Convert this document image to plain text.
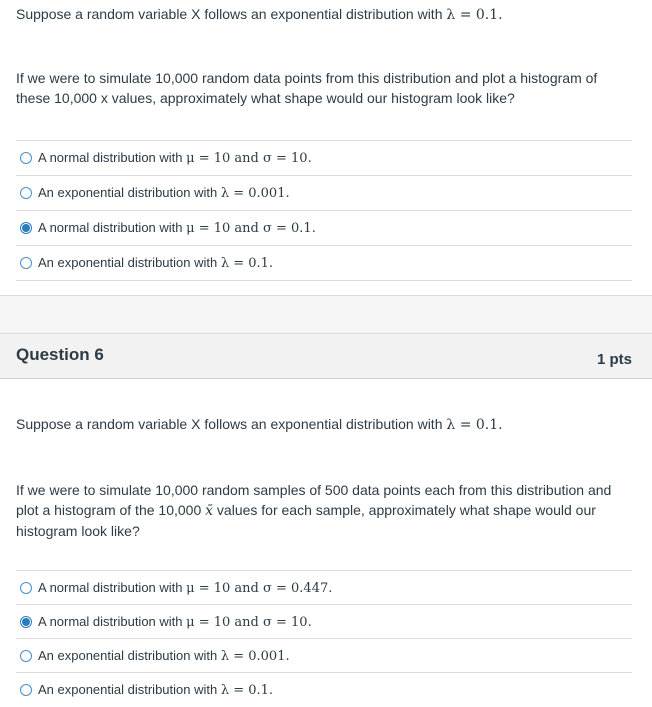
Suppose a random variable X follows an exponential distribution with λ = 0.1.
If we were to simulate 10,000 random data points from this distribution and plot a histogram of
these 10,000 x values, approximately what shape would our histogram look like?
A normal distribution with μ = 10 and σ = 10.
An exponential distribution with λ = 0.001.
A normal distribution with μ = 10 and σ = 0.1.
An exponential distribution with λ = 0.1.
Question 6	1 pts
Suppose a random variable X follows an exponential distribution with λ = 0.1.
If we were to simulate 10,000 random samples of 500 data points each from this distribution and
plot a histogram of the 10,000 x̄ values for each sample, approximately what shape would our
histogram look like?
A normal distribution with μ = 10 and σ = 0.447.
A normal distribution with μ = 10 and σ = 10.
An exponential distribution with λ = 0.001.
An exponential distribution with λ = 0.1.
